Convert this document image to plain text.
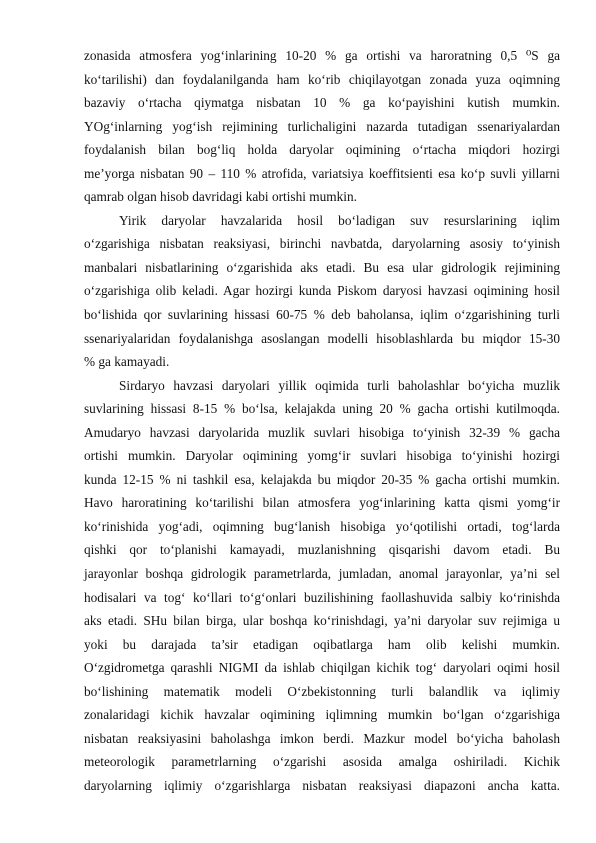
zonasida atmosfera yog‘inlarining 10-20 % ga ortishi va haroratning 0,5 ⁰S ga
ko‘tarilishi) dan foydalanilganda ham ko‘rib chiqilayotgan zonada yuza oqimning
bazaviy o‘rtacha qiymatga nisbatan 10 % ga ko‘payishini kutish mumkin.
YOg‘inlarning yog‘ish rejimining turlichaligini nazarda tutadigan ssenariyalardan
foydalanish bilan bog‘liq holda daryolar oqimining o‘rtacha miqdori hozirgi
me’yorga nisbatan 90 – 110 % atrofida, variatsiya koeffitsienti esa ko‘p suvli yillarni
qamrab olgan hisob davridagi kabi ortishi mumkin.
Yirik daryolar havzalarida hosil bo‘ladigan suv resurslarining iqlim
o‘zgarishiga nisbatan reaksiyasi, birinchi navbatda, daryolarning asosiy to‘yinish
manbalari nisbatlarining o‘zgarishida aks etadi. Bu esa ular gidrologik rejimining
o‘zgarishiga olib keladi. Agar hozirgi kunda Piskom daryosi havzasi oqimining hosil
bo‘lishida qor suvlarining hissasi 60-75 % deb baholansa, iqlim o‘zgarishining turli
ssenariyalaridan foydalanishga asoslangan modelli hisoblashlarda bu miqdor 15-30
% ga kamayadi.
Sirdaryo havzasi daryolari yillik oqimida turli baholashlar bo‘yicha muzlik
suvlarining hissasi 8-15 % bo‘lsa, kelajakda uning 20 % gacha ortishi kutilmoqda.
Amudaryo havzasi daryolarida muzlik suvlari hisobiga to‘yinish 32-39 % gacha
ortishi mumkin. Daryolar oqimining yomg‘ir suvlari hisobiga to‘yinishi hozirgi
kunda 12-15 % ni tashkil esa, kelajakda bu miqdor 20-35 % gacha ortishi mumkin.
Havo haroratining ko‘tarilishi bilan atmosfera yog‘inlarining katta qismi yomg‘ir
ko‘rinishida yog‘adi, oqimning bug‘lanish hisobiga yo‘qotilishi ortadi, tog‘larda
qishki qor to‘planishi kamayadi, muzlanishning qisqarishi davom etadi. Bu
jarayonlar boshqa gidrologik parametrlarda, jumladan, anomal jarayonlar, ya’ni sel
hodisalari va tog‘ ko‘llari to‘g‘onlari buzilishining faollashuvida salbiy ko‘rinishda
aks etadi. SHu bilan birga, ular boshqa ko‘rinishdagi, ya’ni daryolar suv rejimiga u
yoki bu darajada ta’sir etadigan oqibatlarga ham olib kelishi mumkin.
O‘zgidrometga qarashli NIGMI da ishlab chiqilgan kichik tog‘ daryolari oqimi hosil
bo‘lishining matematik modeli O‘zbekistonning turli balandlik va iqlimiy
zonalaridagi kichik havzalar oqimining iqlimning mumkin bo‘lgan o‘zgarishiga
nisbatan reaksiyasini baholashga imkon berdi. Mazkur model bo‘yicha baholash
meteorologik parametrlarning o‘zgarishi asosida amalga oshiriladi. Kichik
daryolarning iqlimiy o‘zgarishlarga nisbatan reaksiyasi diapazoni ancha katta.
